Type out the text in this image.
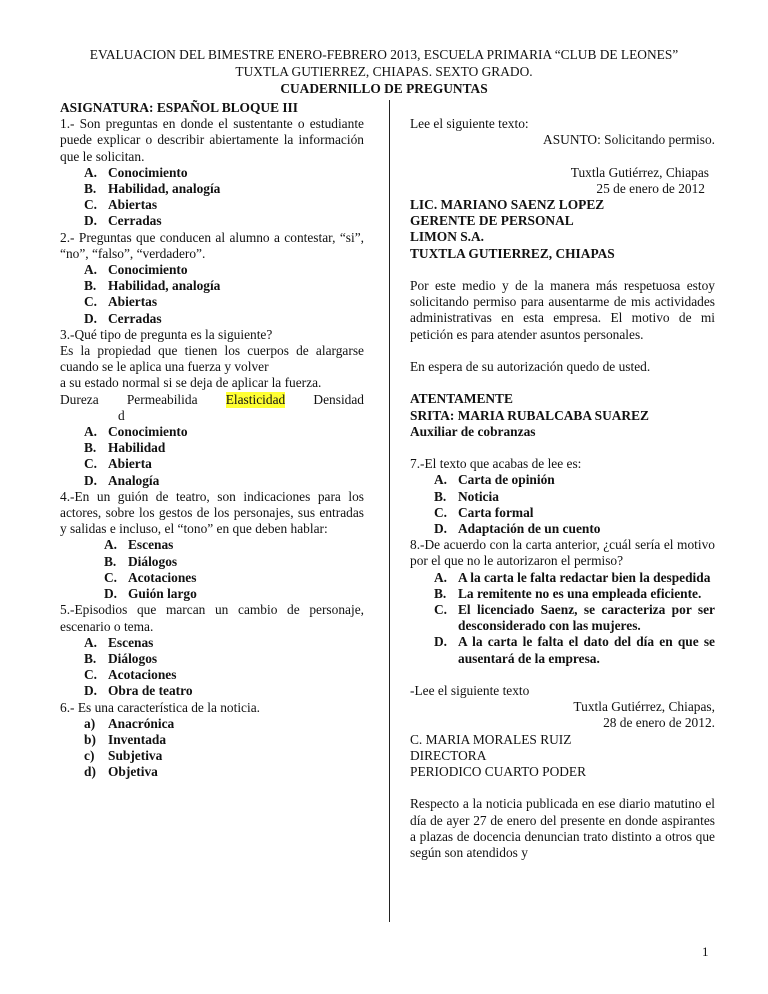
EVALUACION DEL BIMESTRE ENERO-FEBRERO 2013, ESCUELA PRIMARIA “CLUB DE LEONES”
TUXTLA GUTIERREZ, CHIAPAS. SEXTO GRADO.
CUADERNILLO DE PREGUNTAS

ASIGNATURA: ESPAÑOL BLOQUE III

1.- Son preguntas en donde el sustentante o estudiante puede explicar o describir abiertamente la información que le solicitan.

A. Conocimiento
B. Habilidad, analogía
C. Abiertas
D. Cerradas

2.- Preguntas que conducen al alumno a contestar, “si”, “no”, “falso”, “verdadero”.

A. Conocimiento
B. Habilidad, analogía
C. Abiertas
D. Cerradas

3.-Qué tipo de pregunta es la siguiente?

Es la propiedad que tienen los cuerpos de alargarse cuando se le aplica una fuerza y volver

a su estado normal si se deja de aplicar la fuerza.

Dureza Permeabilida Elasticidad Densidad

d

A. Conocimiento
B. Habilidad
C. Abierta
D. Analogía

4.-En un guión de teatro, son indicaciones para los actores, sobre los gestos de los personajes, sus entradas y salidas e incluso, el “tono” en que deben hablar:

A. Escenas
B. Diálogos
C. Acotaciones
D. Guión largo

5.-Episodios que marcan un cambio de personaje, escenario o tema.

A. Escenas
B. Diálogos
C. Acotaciones
D. Obra de teatro

6.- Es una característica de la noticia.

a) Anacrónica
b) Inventada
c)	Subjetiva
d) Objetiva

Lee el siguiente texto:

ASUNTO: Solicitando permiso.

Tuxtla Gutiérrez, Chiapas

25 de enero de 2012

LIC. MARIANO SAENZ LOPEZ

GERENTE DE PERSONAL

LIMON S.A.

TUXTLA GUTIERREZ, CHIAPAS

Por este medio y de la manera más respetuosa estoy solicitando permiso para ausentarme de mis actividades administrativas en esta empresa. El motivo de mi petición es para atender asuntos personales.

En espera de su autorización quedo de usted.

ATENTAMENTE

SRITA: MARIA RUBALCABA SUAREZ

Auxiliar de cobranzas

7.-El texto que acabas de lee es:

A. Carta de opinión
B. Noticia
C. Carta formal
D. Adaptación de un cuento

8.-De acuerdo con la carta anterior, ¿cuál sería el motivo por el que no le autorizaron el permiso?

A. A la carta le falta redactar bien la despedida
B. La remitente no es una empleada eficiente.
C. El licenciado Saenz, se caracteriza por ser desconsiderado con las mujeres.
D. A la carta le falta el dato del día en que se ausentará de la empresa.

-Lee el siguiente texto

Tuxtla Gutiérrez, Chiapas,

28 de enero de 2012.

C. MARIA MORALES RUIZ

DIRECTORA

PERIODICO CUARTO PODER

Respecto a la noticia publicada en ese diario matutino el día de ayer 27 de enero del presente en donde aspirantes a plazas de docencia denuncian trato distinto a otros que según son atendidos y

1
